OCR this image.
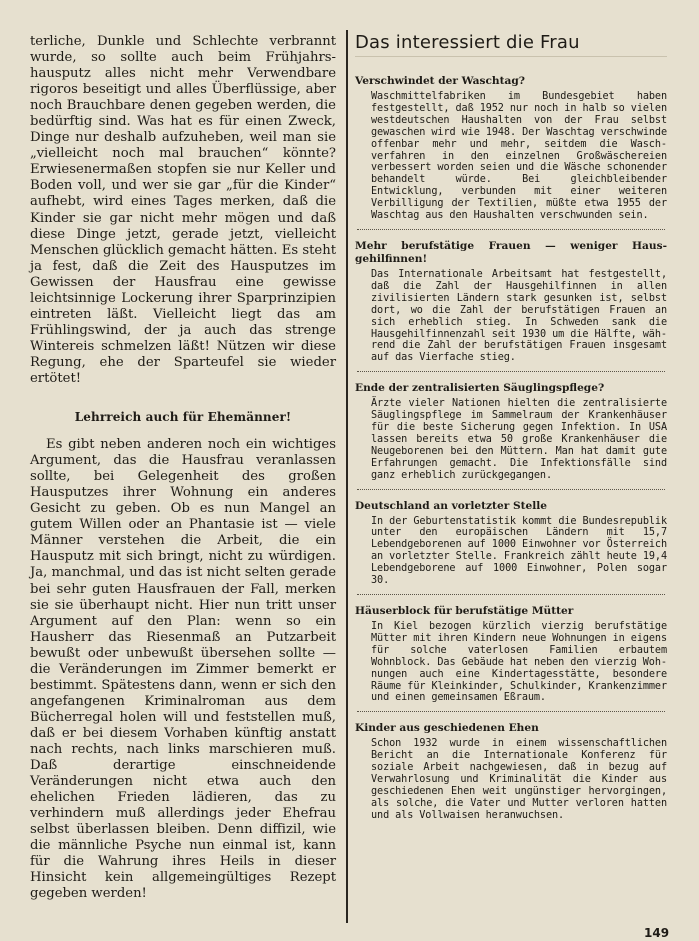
terliche, Dunkle und Schlechte verbrannt wurde, so sollte auch beim Frühjahrshausputz alles nicht mehr Verwendbare rigoros beseitigt und alles Überflüssige, aber noch Brauchbare denen gegeben werden, die bedürftig sind. Was hat es für einen Zweck, Dinge nur deshalb aufzuheben, weil man sie „vielleicht noch mal brauchen“ könnte? Erwiesenermaßen stopfen sie nur Keller und Boden voll, und wer sie gar „für die Kinder“ aufhebt, wird eines Tages merken, daß die Kinder sie gar nicht mehr mögen und daß diese Dinge jetzt, gerade jetzt, vielleicht Menschen glücklich gemacht hätten. Es steht ja fest, daß die Zeit des Hausputzes im Gewissen der Hausfrau eine gewisse leichtsinnige Lockerung ihrer Sparprinzipien eintreten läßt. Vielleicht liegt das am Frühlingswind, der ja auch das strenge Wintereis schmelzen läßt! Nützen wir diese Regung, ehe der Sparteufel sie wieder ertötet!

Lehrreich auch für Ehemänner!

Es gibt neben anderen noch ein wichtiges Argument, das die Hausfrau veranlassen sollte, bei Gelegenheit des großen Hausputzes ihrer Wohnung ein anderes Gesicht zu geben. Ob es nun Mangel an gutem Willen oder an Phantasie ist — viele Männer verstehen die Arbeit, die ein Hausputz mit sich bringt, nicht zu würdigen. Ja, manchmal, und das ist nicht selten gerade bei sehr guten Hausfrauen der Fall, merken sie sie überhaupt nicht. Hier nun tritt unser Argument auf den Plan: wenn so ein Hausherr das Riesenmaß an Putzarbeit bewußt oder unbewußt übersehen sollte — die Veränderungen im Zimmer bemerkt er bestimmt. Spätestens dann, wenn er sich den angefangenen Kriminalroman aus dem Bücherregal holen will und feststellen muß, daß er bei diesem Vorhaben künftig anstatt nach rechts, nach links marschieren muß. Daß derartige einschneidende Veränderungen nicht etwa auch den ehelichen Frieden lädieren, das zu verhindern muß allerdings jeder Ehefrau selbst überlassen bleiben. Denn diffizil, wie die männliche Psyche nun einmal ist, kann für die Wahrung ihres Heils in dieser Hinsicht kein allgemeingültiges Rezept gegeben werden!

Das interessiert die Frau
Verschwindet der Waschtag?
Waschmittelfabriken im Bundesgebiet haben festgestellt, daß 1952 nur noch in halb so vielen westdeutschen Haushalten von der Frau selbst gewaschen wird wie 1948. Der Waschtag verschwinde offenbar mehr und mehr, seitdem die Waschverfahren in den einzelnen Großwäschereien verbessert worden seien und die Wäsche schonender behandelt würde. Bei gleichbleibender Entwicklung, verbunden mit einer weiteren Verbilligung der Textilien, müßte etwa 1955 der Waschtag aus den Haushalten verschwunden sein.
Mehr berufstätige Frauen — weniger Hausgehilfinnen!
Das Internationale Arbeitsamt hat festgestellt, daß die Zahl der Hausgehilfinnen in allen zivilisierten Ländern stark gesunken ist, selbst dort, wo die Zahl der berufstätigen Frauen an sich erheblich stieg. In Schweden sank die Hausgehilfinnenzahl seit 1930 um die Hälfte, während die Zahl der berufstätigen Frauen insgesamt auf das Vierfache stieg.
Ende der zentralisierten Säuglingspflege?
Ärzte vieler Nationen hielten die zentralisierte Säuglingspflege im Sammelraum der Krankenhäuser für die beste Sicherung gegen Infektion. In USA lassen bereits etwa 50 große Krankenhäuser die Neugeborenen bei den Müttern. Man hat damit gute Erfahrungen gemacht. Die Infektionsfälle sind ganz erheblich zurückgegangen.
Deutschland an vorletzter Stelle
In der Geburtenstatistik kommt die Bundesrepublik unter den europäischen Ländern mit 15,7 Lebendgeborenen auf 1000 Einwohner vor Österreich an vorletzter Stelle. Frankreich zählt heute 19,4 Lebendgeborene auf 1000 Einwohner, Polen sogar 30.
Häuserblock für berufstätige Mütter
In Kiel bezogen kürzlich vierzig berufstätige Mütter mit ihren Kindern neue Wohnungen in eigens für solche vaterlosen Familien erbautem Wohnblock. Das Gebäude hat neben den vierzig Wohnungen auch eine Kindertagesstätte, besondere Räume für Kleinkinder, Schulkinder, Krankenzimmer und einen gemeinsamen Eßraum.
Kinder aus geschiedenen Ehen
Schon 1932 wurde in einem wissenschaftlichen Bericht an die Internationale Konferenz für soziale Arbeit nachgewiesen, daß in bezug auf Verwahrlosung und Kriminalität die Kinder aus geschiedenen Ehen weit ungünstiger hervorgingen, als solche, die Vater und Mutter verloren hatten und als Vollwaisen heranwuchsen.
149
